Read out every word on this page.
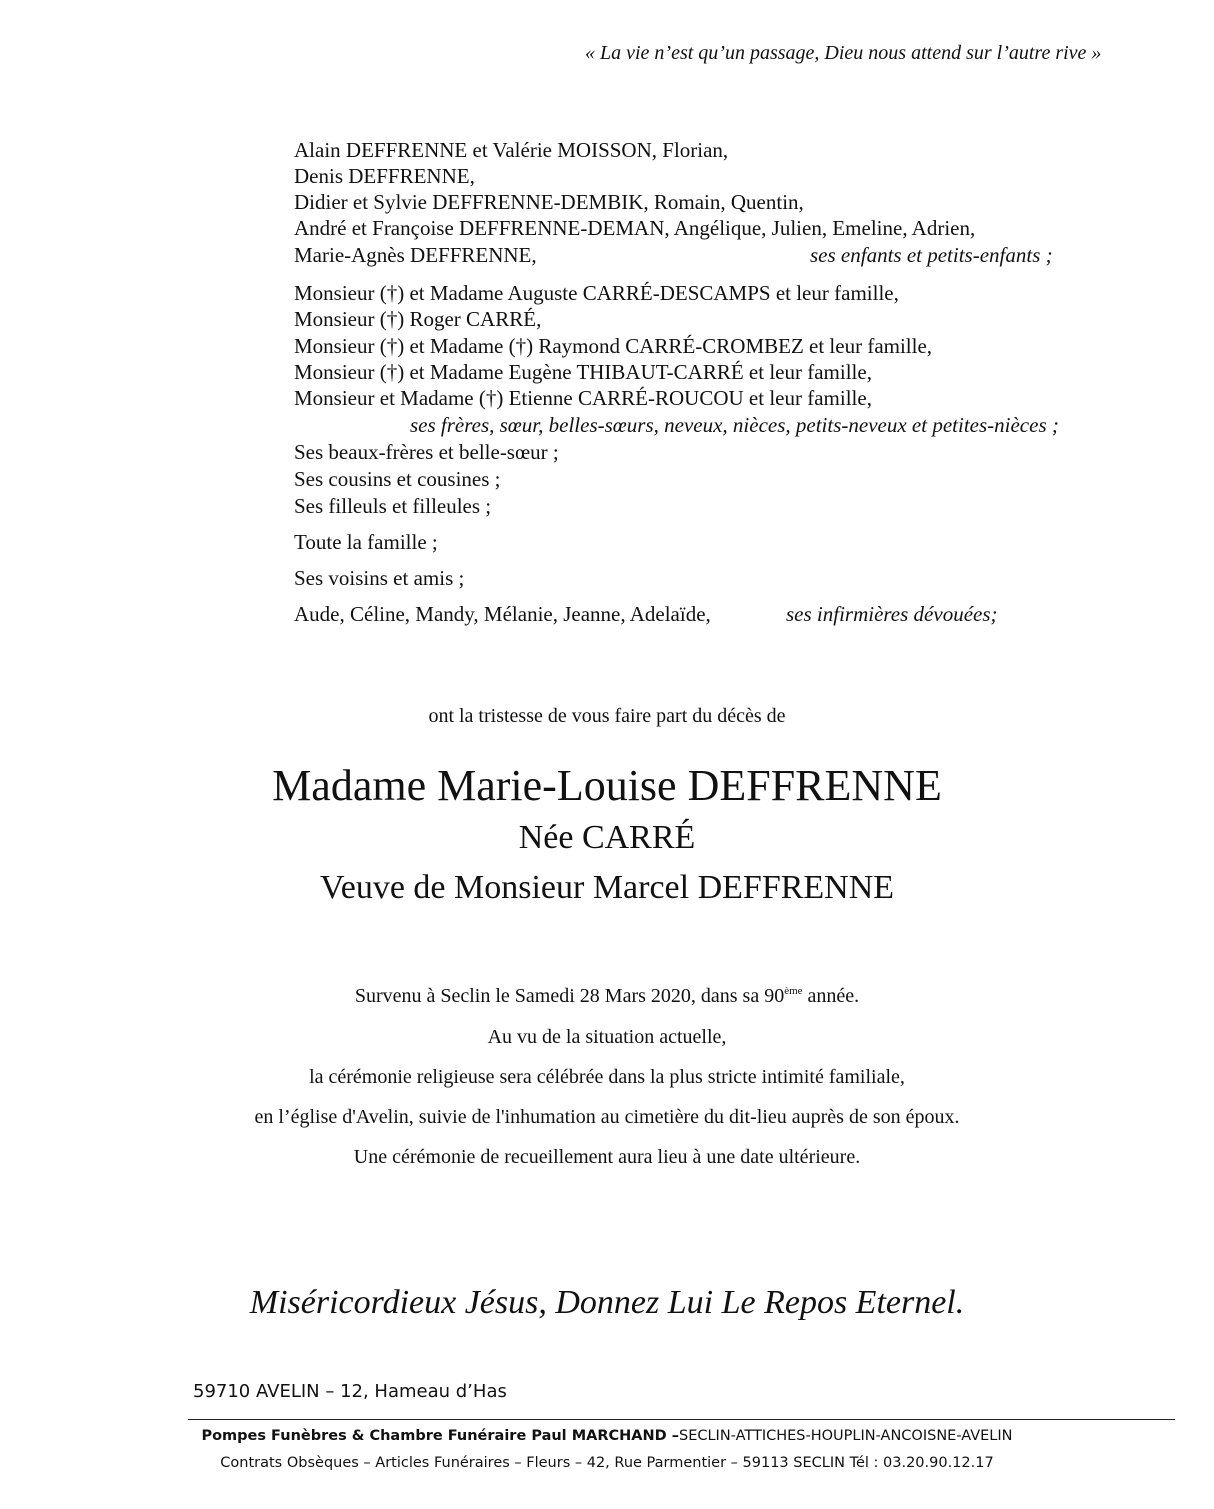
« La vie n’est qu’un passage, Dieu nous attend sur l’autre rive »
Alain DEFFRENNE et Valérie MOISSON, Florian,
Denis DEFFRENNE,
Didier et Sylvie DEFFRENNE-DEMBIK, Romain, Quentin,
André et Françoise DEFFRENNE-DEMAN, Angélique, Julien, Emeline, Adrien,
Marie-Agnès DEFFRENNE,	ses enfants et petits-enfants ;
Monsieur (†) et Madame Auguste CARRÉ-DESCAMPS et leur famille,
Monsieur (†) Roger CARRÉ,
Monsieur (†) et Madame (†) Raymond CARRÉ-CROMBEZ et leur famille,
Monsieur (†) et Madame Eugène THIBAUT-CARRÉ et leur famille,
Monsieur et Madame (†) Etienne CARRÉ-ROUCOU et leur famille,
ses frères, sœur, belles-sœurs, neveux, nièces, petits-neveux et petites-nièces ;
Ses beaux-frères et belle-sœur ;
Ses cousins et cousines ;
Ses filleuls et filleules ;
Toute la famille ;
Ses voisins et amis ;
Aude, Céline, Mandy, Mélanie, Jeanne, Adelaïde,	ses infirmières dévouées;
ont la tristesse de vous faire part du décès de
Madame Marie-Louise DEFFRENNE
Née CARRÉ
Veuve de Monsieur Marcel DEFFRENNE
Survenu à Seclin le Samedi 28 Mars 2020, dans sa 90ème année.
Au vu de la situation actuelle,
la cérémonie religieuse sera célébrée dans la plus stricte intimité familiale,
en l’église d'Avelin, suivie de l'inhumation au cimetière du dit-lieu auprès de son époux.
Une cérémonie de recueillement aura lieu à une date ultérieure.
Miséricordieux Jésus, Donnez Lui Le Repos Eternel.
59710 AVELIN – 12, Hameau d’Has
Pompes Funèbres & Chambre Funéraire Paul MARCHAND –SECLIN-ATTICHES-HOUPLIN-ANCOISNE-AVELIN
Contrats Obsèques – Articles Funéraires – Fleurs – 42, Rue Parmentier – 59113 SECLIN Tél : 03.20.90.12.17
